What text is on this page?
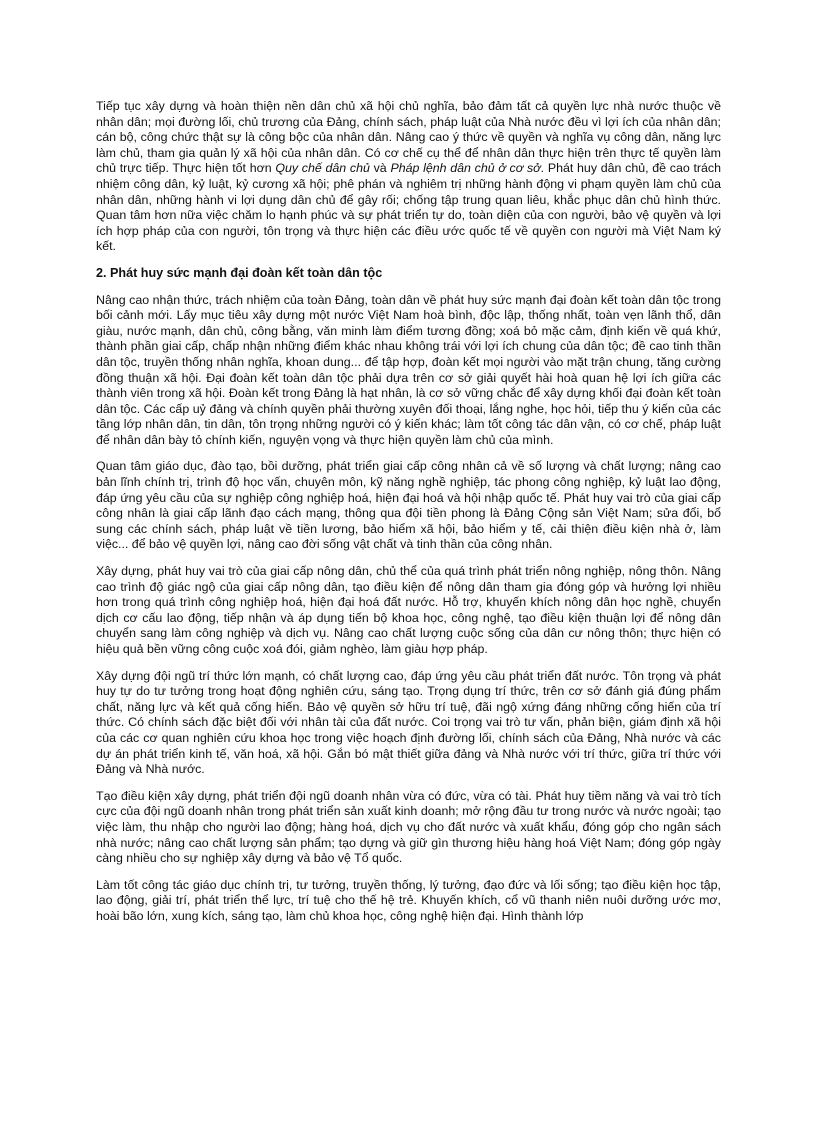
Tiếp tục xây dựng và hoàn thiện nền dân chủ xã hội chủ nghĩa, bảo đảm tất cả quyền lực nhà nước thuộc về nhân dân; mọi đường lối, chủ trương của Đảng, chính sách, pháp luật của Nhà nước đều vì lợi ích của nhân dân; cán bộ, công chức thật sự là công bộc của nhân dân. Nâng cao ý thức về quyền và nghĩa vụ công dân, năng lực làm chủ, tham gia quản lý xã hội của nhân dân. Có cơ chế cụ thể để nhân dân thực hiện trên thực tế quyền làm chủ trực tiếp. Thực hiện tốt hơn Quy chế dân chủ và Pháp lệnh dân chủ ở cơ sở. Phát huy dân chủ, đề cao trách nhiệm công dân, kỷ luật, kỷ cương xã hội; phê phán và nghiêm trị những hành động vi phạm quyền làm chủ của nhân dân, những hành vi lợi dụng dân chủ để gây rối; chống tập trung quan liêu, khắc phục dân chủ hình thức. Quan tâm hơn nữa việc chăm lo hạnh phúc và sự phát triển tự do, toàn diện của con người, bảo vệ quyền và lợi ích hợp pháp của con người, tôn trọng và thực hiện các điều ước quốc tế về quyền con người mà Việt Nam ký kết.

2. Phát huy sức mạnh đại đoàn kết toàn dân tộc

Nâng cao nhận thức, trách nhiệm của toàn Đảng, toàn dân về phát huy sức mạnh đại đoàn kết toàn dân tộc trong bối cảnh mới. Lấy mục tiêu xây dựng một nước Việt Nam hoà bình, độc lập, thống nhất, toàn vẹn lãnh thổ, dân giàu, nước mạnh, dân chủ, công bằng, văn minh làm điểm tương đồng; xoá bỏ mặc cảm, định kiến về quá khứ, thành phần giai cấp, chấp nhận những điểm khác nhau không trái với lợi ích chung của dân tộc; đề cao tinh thần dân tộc, truyền thống nhân nghĩa, khoan dung... để tập hợp, đoàn kết mọi người vào mặt trận chung, tăng cường đồng thuận xã hội. Đại đoàn kết toàn dân tộc phải dựa trên cơ sở giải quyết hài hoà quan hệ lợi ích giữa các thành viên trong xã hội. Đoàn kết trong Đảng là hạt nhân, là cơ sở vững chắc để xây dựng khối đại đoàn kết toàn dân tộc. Các cấp uỷ đảng và chính quyền phải thường xuyên đối thoại, lắng nghe, học hỏi, tiếp thu ý kiến của các tầng lớp nhân dân, tin dân, tôn trọng những người có ý kiến khác; làm tốt công tác dân vận, có cơ chế, pháp luật để nhân dân bày tỏ chính kiến, nguyện vọng và thực hiện quyền làm chủ của mình.

Quan tâm giáo dục, đào tạo, bồi dưỡng, phát triển giai cấp công nhân cả về số lượng và chất lượng; nâng cao bản lĩnh chính trị, trình độ học vấn, chuyên môn, kỹ năng nghề nghiệp, tác phong công nghiệp, kỷ luật lao động, đáp ứng yêu cầu của sự nghiệp công nghiệp hoá, hiện đại hoá và hội nhập quốc tế. Phát huy vai trò của giai cấp công nhân là giai cấp lãnh đạo cách mạng, thông qua đội tiền phong là Đảng Cộng sản Việt Nam; sửa đổi, bổ sung các chính sách, pháp luật về tiền lương, bảo hiểm xã hội, bảo hiểm y tế, cải thiện điều kiện nhà ở, làm việc... để bảo vệ quyền lợi, nâng cao đời sống vật chất và tinh thần của công nhân.

Xây dựng, phát huy vai trò của giai cấp nông dân, chủ thể của quá trình phát triển nông nghiệp, nông thôn. Nâng cao trình độ giác ngộ của giai cấp nông dân, tạo điều kiện để nông dân tham gia đóng góp và hưởng lợi nhiều hơn trong quá trình công nghiệp hoá, hiện đại hoá đất nước. Hỗ trợ, khuyến khích nông dân học nghề, chuyển dịch cơ cấu lao động, tiếp nhận và áp dụng tiến bộ khoa học, công nghệ, tạo điều kiện thuận lợi để nông dân chuyển sang làm công nghiệp và dịch vụ. Nâng cao chất lượng cuộc sống của dân cư nông thôn; thực hiện có hiệu quả bền vững công cuộc xoá đói, giảm nghèo, làm giàu hợp pháp.

Xây dựng đội ngũ trí thức lớn mạnh, có chất lượng cao, đáp ứng yêu cầu phát triển đất nước. Tôn trọng và phát huy tự do tư tưởng trong hoạt động nghiên cứu, sáng tạo. Trọng dụng trí thức, trên cơ sở đánh giá đúng phẩm chất, năng lực và kết quả cống hiến. Bảo vệ quyền sở hữu trí tuệ, đãi ngộ xứng đáng những cống hiến của trí thức. Có chính sách đặc biệt đối với nhân tài của đất nước. Coi trọng vai trò tư vấn, phản biện, giám định xã hội của các cơ quan nghiên cứu khoa học trong việc hoạch định đường lối, chính sách của Đảng, Nhà nước và các dự án phát triển kinh tế, văn hoá, xã hội. Gắn bó mật thiết giữa đảng và Nhà nước với trí thức, giữa trí thức với Đảng và Nhà nước.

Tạo điều kiện xây dựng, phát triển đội ngũ doanh nhân vừa có đức, vừa có tài. Phát huy tiềm năng và vai trò tích cực của đội ngũ doanh nhân trong phát triển sản xuất kinh doanh; mở rộng đầu tư trong nước và nước ngoài; tạo việc làm, thu nhập cho người lao động; hàng hoá, dịch vụ cho đất nước và xuất khẩu, đóng góp cho ngân sách nhà nước; nâng cao chất lượng sản phẩm; tạo dựng và giữ gìn thương hiệu hàng hoá Việt Nam; đóng góp ngày càng nhiều cho sự nghiệp xây dựng và bảo vệ Tổ quốc.

Làm tốt công tác giáo dục chính trị, tư tưởng, truyền thống, lý tưởng, đạo đức và lối sống; tạo điều kiện học tập, lao động, giải trí, phát triển thể lực, trí tuệ cho thế hệ trẻ. Khuyến khích, cổ vũ thanh niên nuôi dưỡng ước mơ, hoài bão lớn, xung kích, sáng tạo, làm chủ khoa học, công nghệ hiện đại. Hình thành lớp
